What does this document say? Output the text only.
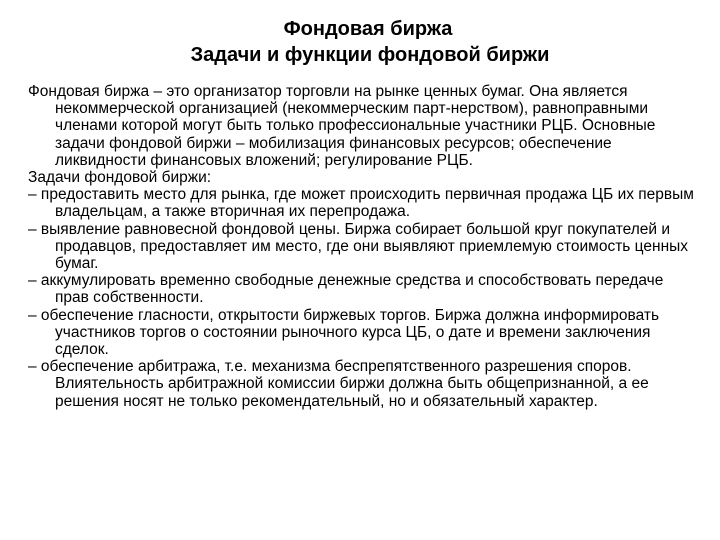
Фондовая биржа

Задачи и функции фондовой биржи

Фондовая биржа – это организатор торговли на рынке ценных бумаг. Она является некоммерческой организацией (некоммерческим парт-нерством), равноправными членами которой могут быть только профессиональные участники РЦБ. Основные задачи фондовой биржи – мобилизация финансовых ресурсов; обеспечение ликвидности финансовых вложений; регулирование РЦБ.

Задачи фондовой биржи:

– предоставить место для рынка, где может происходить первичная продажа ЦБ их первым владельцам, а также вторичная их перепродажа.

– выявление равновесной фондовой цены. Биржа собирает большой круг покупателей и продавцов, предоставляет им место, где они выявляют приемлемую стоимость ценных бумаг.

– аккумулировать временно свободные денежные средства и способствовать передаче прав собственности.

– обеспечение гласности, открытости биржевых торгов. Биржа должна информировать участников торгов о состоянии рыночного курса ЦБ, о дате и времени заключения сделок.

– обеспечение арбитража, т.е. механизма беспрепятственного разрешения споров. Влиятельность арбитражной комиссии биржи должна быть общепризнанной, а ее решения носят не только рекомендательный, но и обязательный характер.
